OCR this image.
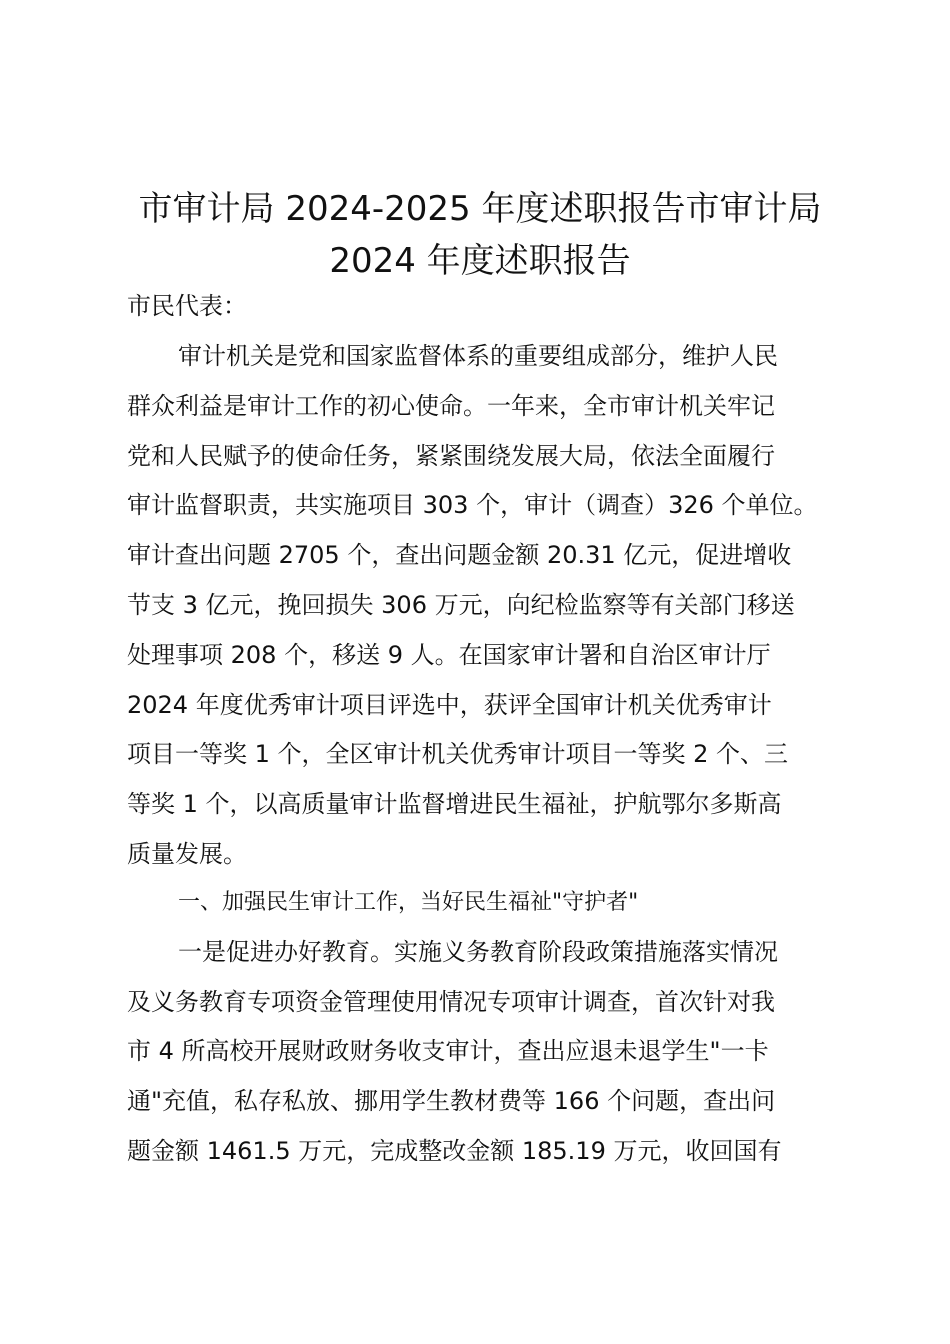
市审计局 2024-2025 年度述职报告市审计局
2024 年度述职报告

市民代表：

审计机关是党和国家监督体系的重要组成部分，维护人民

群众利益是审计工作的初心使命。一年来，全市审计机关牢记

党和人民赋予的使命任务，紧紧围绕发展大局，依法全面履行

审计监督职责，共实施项目 303 个，审计（调查）326 个单位。

审计查出问题 2705 个，查出问题金额 20.31 亿元，促进增收

节支 3 亿元，挽回损失 306 万元，向纪检监察等有关部门移送

处理事项 208 个，移送 9 人。在国家审计署和自治区审计厅

2024 年度优秀审计项目评选中，获评全国审计机关优秀审计

项目一等奖 1 个，全区审计机关优秀审计项目一等奖 2 个、三

等奖 1 个，以高质量审计监督增进民生福祉，护航鄂尔多斯高

质量发展。

一、加强民生审计工作，当好民生福祉"守护者"

一是促进办好教育。实施义务教育阶段政策措施落实情况

及义务教育专项资金管理使用情况专项审计调查，首次针对我

市 4 所高校开展财政财务收支审计，查出应退未退学生"一卡

通"充值，私存私放、挪用学生教材费等 166 个问题，查出问

题金额 1461.5 万元，完成整改金额 185.19 万元，收回国有
